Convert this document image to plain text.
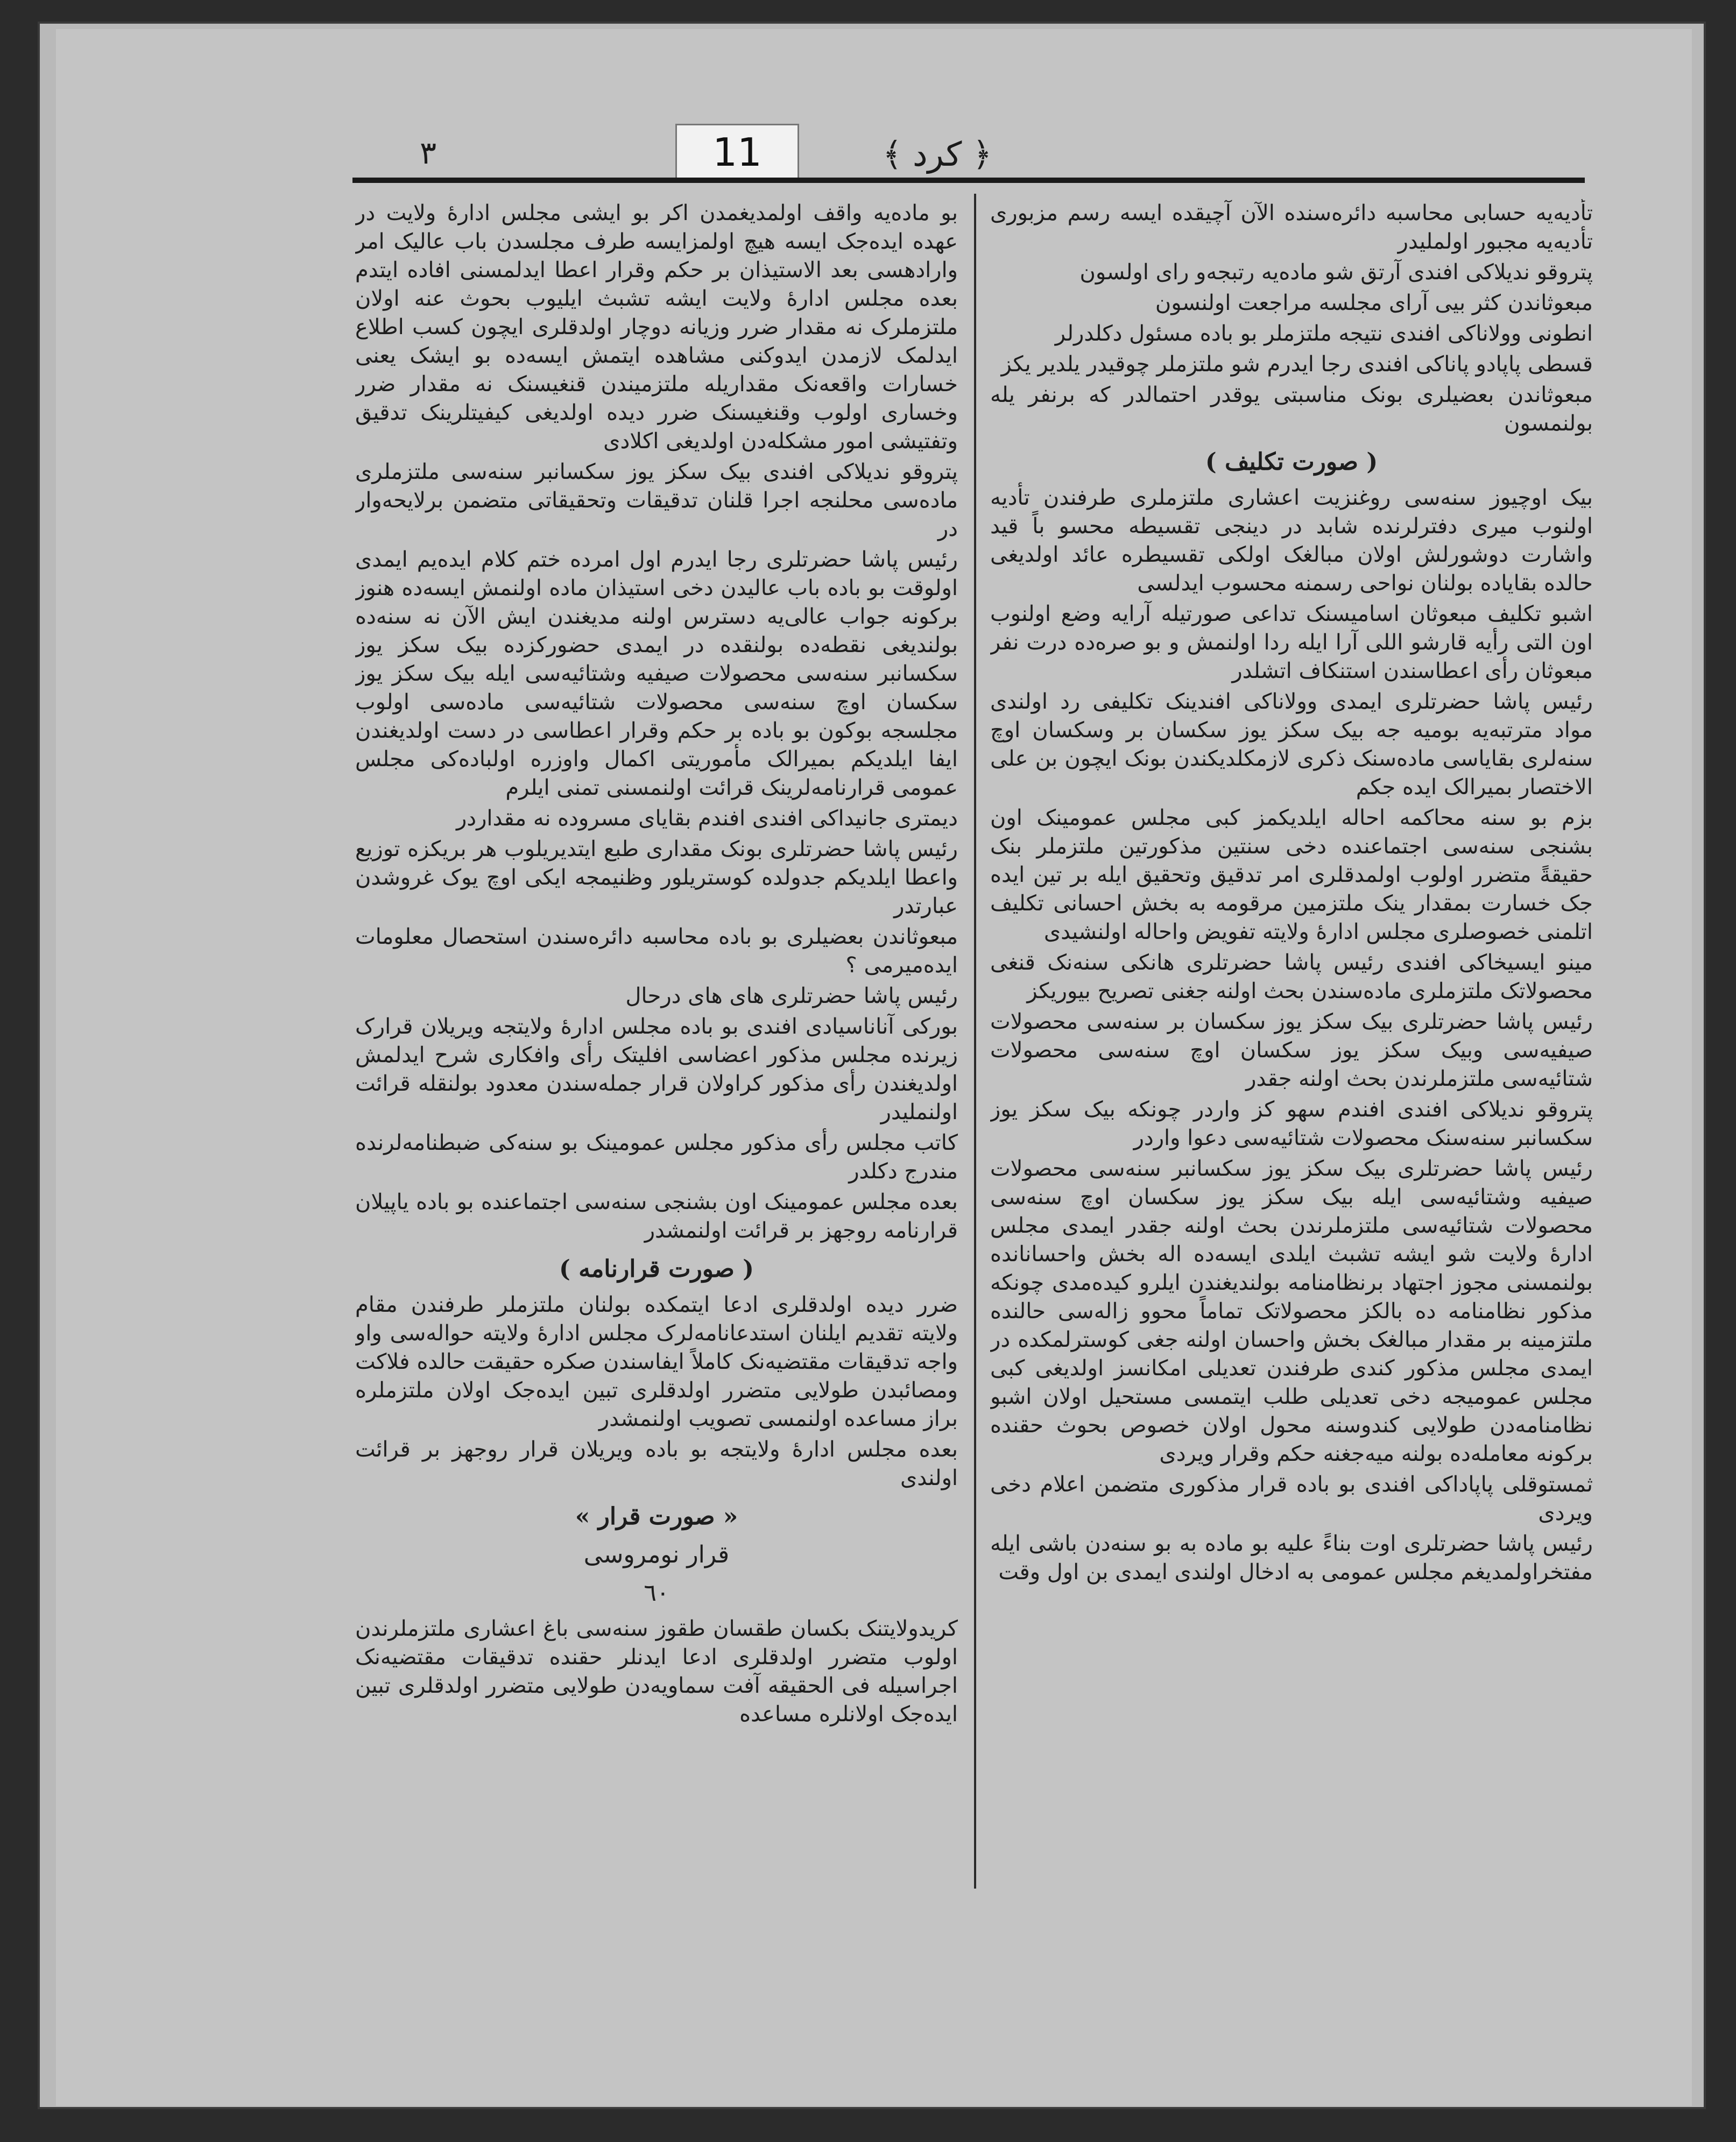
٣	11	﴿ کرد ﴾
تأدیه‌یه حسابی محاسبه دائره‌سنده الآن آچیقده ایسه رسم مزبوری تأدیه‌یه مجبور اولملیدر
پتروقو ندیلاکی افندی آرتق شو ماده‌یه رتبجه‌و رای اولسون
مبعوثاندن کثر بیی آرای مجلسه مراجعت اولنسون
انطونی وولاناکی افندی نتیجه ملتزملر بو باده مسئول دکلدرلر
قسطی پاپادو پاناکی افندی رجا ایدرم شو ملتزملر چوقیدر یلدیر یکز
مبعوثاندن بعضیلری بونک مناسبتی یوقدر احتمالدر که برنفر یله بولنمسون
( صورت تکلیف )
بیک اوچیوز سنه‌سی روغنزیت اعشاری ملتزملری طرفندن تأدیه اولنوب میری دفترلرنده شابد در دینجی تقسیطه محسو باً قید واشارت دوشورلش اولان مبالغک اولکی تقسیطره عائد اولدیغی حالده بقایاده بولنان نواحی رسمنه محسوب ایدلسی
اشبو تکلیف مبعوثان اسامیسنک تداعی صورتیله آرایه وضع اولنوب اون التی رأیه قارشو اللی آرا ایله ردا اولنمش و بو صره‌ده درت نفر مبعوثان رأی اعطاسندن استنکاف اتشلدر
رئیس پاشا حضرتلری ایمدی وولاناکی افندینک تکلیفی رد اولندی مواد مترتبه‌یه بومیه جه بیک سکز یوز سکسان بر وسکسان اوچ سنه‌لری بقایاسی ماده‌سنک ذکری لازمکلدیکندن بونک ایچون بن علی الاختصار بمیرالک ایده جکم
بزم بو سنه محاکمه احاله ایلدیکمز کبی مجلس عمومینک اون بشنجی سنه‌سی اجتماعنده دخی سنتین مذکورتین ملتزملر بنک حقیقةً متضرر اولوب اولمدقلری امر تدقیق وتحقیق ایله بر تین ایده جک خسارت بمقدار ینک ملتزمین مرقومه به بخش احسانی تکلیف اتلمنی خصوصلری مجلس اداره‌ٔ ولایته تفویض واحاله اولنشیدی
مینو ایسیخاکی افندی رئیس پاشا حضرتلری هانکی سنه‌نک قنغی محصولاتک ملتزملری ماده‌سندن بحث اولنه جغنی تصریح بیوریکز
رئیس پاشا حضرتلری بیک سکز یوز سکسان بر سنه‌سی محصولات صیفیه‌سی وبیک سکز یوز سکسان اوچ سنه‌سی محصولات شتائیه‌سی ملتزملرندن بحث اولنه جقدر
پتروقو ندیلاکی افندی افندم سهو کز واردر چونکه بیک سکز یوز سکسانبر سنه‌سنک محصولات شتائیه‌سی دعوا واردر
رئیس پاشا حضرتلری بیک سکز یوز سکسانبر سنه‌سی محصولات صیفیه وشتائیه‌سی ایله بیک سکز یوز سکسان اوچ سنه‌سی محصولات شتائیه‌سی ملتزملرندن بحث اولنه جقدر ایمدی مجلس اداره‌ٔ ولایت شو ایشه تشبث ایلدی ایسه‌ده اله بخش واحسانانده بولنمسنی مجوز اجتهاد برنظامنامه بولندیغندن ایلرو کیده‌مدی چونکه مذکور نظامنامه ده بالکز محصولاتک تماماً محوو زاله‌سی حالنده ملتزمینه بر مقدار مبالغک بخش واحسان اولنه جغی کوسترلمکده در ایمدی مجلس مذکور کندی طرفندن تعدیلی امکانسز اولدیغی کبی مجلس عمومیجه دخی تعدیلی طلب ایتمسی مستحیل اولان اشبو نظامنامه‌دن طولایی کندوسنه محول اولان خصوص بحوث حقنده برکونه معامله‌ده بولنه میه‌جغنه حکم وقرار ویردی
ثمستوقلی پاپاداکی افندی بو باده قرار مذکوری متضمن اعلام دخی ویردی
رئیس پاشا حضرتلری اوت بناءً علیه بو ماده به بو سنه‌دن باشی ایله مفتخراولمدیغم مجلس عمومی به ادخال اولندی ایمدی بن اول وقت
بو ماده‌یه واقف اولمدیغمدن اکر بو ایشی مجلس اداره‌ٔ ولایت در عهده ایده‌جک ایسه هیچ اولمزایسه طرف مجلسدن باب عالیک امر وارادهسی بعد الاستیذان بر حکم وقرار اعطا ایدلمسنی افاده ایتدم بعده مجلس اداره‌ٔ ولایت ایشه تشبث ایلیوب بحوث عنه اولان ملتزملرک نه مقدار ضرر وزیانه دوچار اولدقلری ایچون کسب اطلاع ایدلمک لازمدن ایدوکنی مشاهده ایتمش ایسه‌ده بو ایشک یعنی خسارات واقعه‌نک مقداریله ملتزمیندن قنغیسنک نه مقدار ضرر وخساری اولوب وقنغیسنک ضرر دیده اولدیغی کیفیتلرینک تدقیق وتفتیشی امور مشکله‌دن اولدیغی اکلادی
پتروقو ندیلاکی افندی بیک سکز یوز سکسانبر سنه‌سی ملتزملری ماده‌سی محلنجه اجرا قلنان تدقیقات وتحقیقاتی متضمن برلایحه‌وار در
رئیس پاشا حضرتلری رجا ایدرم اول امرده ختم کلام ایده‌یم ایمدی اولوقت بو باده باب عالیدن دخی استیذان ماده اولنمش ایسه‌ده هنوز برکونه جواب عالی‌یه دسترس اولنه مدیغندن ایش الآن نه سنه‌ده بولندیغی نقطه‌ده بولنقده در ایمدی حضورکزده بیک سکز یوز سکسانبر سنه‌سی محصولات صیفیه وشتائیه‌سی ایله بیک سکز یوز سکسان اوچ سنه‌سی محصولات شتائیه‌سی ماده‌سی اولوب مجلسجه بوکون بو باده بر حکم وقرار اعطاسی در دست اولدیغندن ایفا ایلدیکم بمیرالک مأموریتی اکمال واوزره اولباده‌کی مجلس عمومی قرارنامه‌لرینک قرائت اولنمسنی تمنی ایلرم
دیمتری جانیداکی افندی افندم بقایای مسروده نه مقداردر
رئیس پاشا حضرتلری بونک مقداری طبع ایتدیریلوب هر بریکزه توزیع واعطا ایلدیکم جدولده کوستریلور وظنیمجه ایکی اوچ یوک غروشدن عبارتدر
مبعوثاندن بعضیلری بو باده محاسبه دائره‌سندن استحصال معلومات ایده‌میرمی ؟
رئیس پاشا حضرتلری های های درحال
بورکی آناناسیادی افندی بو باده مجلس اداره‌ٔ ولایتجه ویریلان قرارک زیرنده مجلس مذکور اعضاسی افلیتک رأی وافکاری شرح ایدلمش اولدیغندن رأی مذکور کراولان قرار جمله‌سندن معدود بولنقله قرائت اولنملیدر
کاتب مجلس رأی مذکور مجلس عمومینک بو سنه‌کی ضبطنامه‌لرنده مندرج دکلدر
بعده مجلس عمومینک اون بشنجی سنه‌سی اجتماعنده بو باده یاپیلان قرارنامه روجهز بر قرائت اولنمشدر
( صورت قرارنامه )
ضرر دیده اولدقلری ادعا ایتمکده بولنان ملتزملر طرفندن مقام ولایته تقدیم ایلنان استدعانامه‌لرک مجلس اداره‌ٔ ولایته حواله‌سی واو واجه تدقیقات مقتضیه‌نک کاملاً ایفاسندن صکره حقیقت حالده فلاکت ومصائبدن طولایی متضرر اولدقلری تبین ایده‌جک اولان ملتزملره براز مساعده اولنمسی تصویب اولنمشدر
بعده مجلس اداره‌ٔ ولایتجه بو باده ویریلان قرار روجهز بر قرائت اولندی
« صورت قرار »
قرار نومروسی
٦٠
کریدولایتنک بکسان طقسان طقوز سنه‌سی باغ اعشاری ملتزملرندن اولوب متضرر اولدقلری ادعا ایدنلر حقنده تدقیقات مقتضیه‌نک اجراسیله فی الحقیقه آفت سماویه‌دن طولایی متضرر اولدقلری تبین ایده‌جک اولانلره مساعده
